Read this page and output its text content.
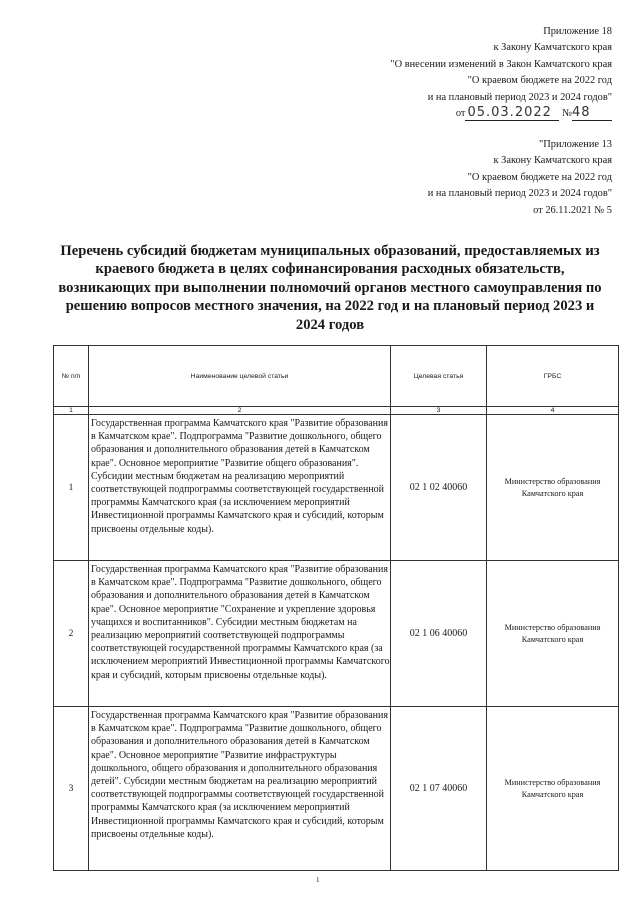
Приложение 18
к Закону Камчатского края
"О внесении изменений в Закон Камчатского края
"О краевом бюджете на 2022 год
и на плановый период 2023 и 2024 годов"
от 05.03.2022 №48
"Приложение 13
к Закону Камчатского края
"О краевом бюджете на 2022 год
и на плановый период 2023 и 2024 годов"
от 26.11.2021 № 5
Перечень субсидий бюджетам муниципальных образований, предоставляемых из краевого бюджета в целях софинансирования расходных обязательств, возникающих при выполнении полномочий органов местного самоуправления по решению вопросов местного значения, на 2022 год и на плановый период 2023 и 2024 годов
№ п/п	Наименование целевой статьи	Целевая статья	ГРБС
1	2	3	4
1	Государственная программа Камчатского края "Развитие образования в Камчатском крае". Подпрограмма "Развитие дошкольного, общего образования и дополнительного образования детей в Камчатском крае". Основное мероприятие "Развитие общего образования". Субсидии местным бюджетам на реализацию мероприятий соответствующей подпрограммы соответствующей государственной программы Камчатского края (за исключением мероприятий Инвестиционной программы Камчатского края и субсидий, которым присвоены отдельные коды).	02 1 02 40060	Министерство образования Камчатского края
2	Государственная программа Камчатского края "Развитие образования в Камчатском крае". Подпрограмма "Развитие дошкольного, общего образования и дополнительного образования детей в Камчатском крае". Основное мероприятие "Сохранение и укрепление здоровья учащихся и воспитанников". Субсидии местным бюджетам на реализацию мероприятий соответствующей подпрограммы соответствующей государственной программы Камчатского края (за исключением мероприятий Инвестиционной программы Камчатского края и субсидий, которым присвоены отдельные коды).	02 1 06 40060	Министерство образования Камчатского края
3	Государственная программа Камчатского края "Развитие образования в Камчатском крае". Подпрограмма "Развитие дошкольного, общего образования и дополнительного образования детей в Камчатском крае". Основное мероприятие "Развитие инфраструктуры дошкольного, общего образования и дополнительного образования детей". Субсидии местным бюджетам на реализацию мероприятий соответствующей подпрограммы соответствующей государственной программы Камчатского края (за исключением мероприятий Инвестиционной программы Камчатского края и субсидий, которым присвоены отдельные коды).	02 1 07 40060	Министерство образования Камчатского края
1
